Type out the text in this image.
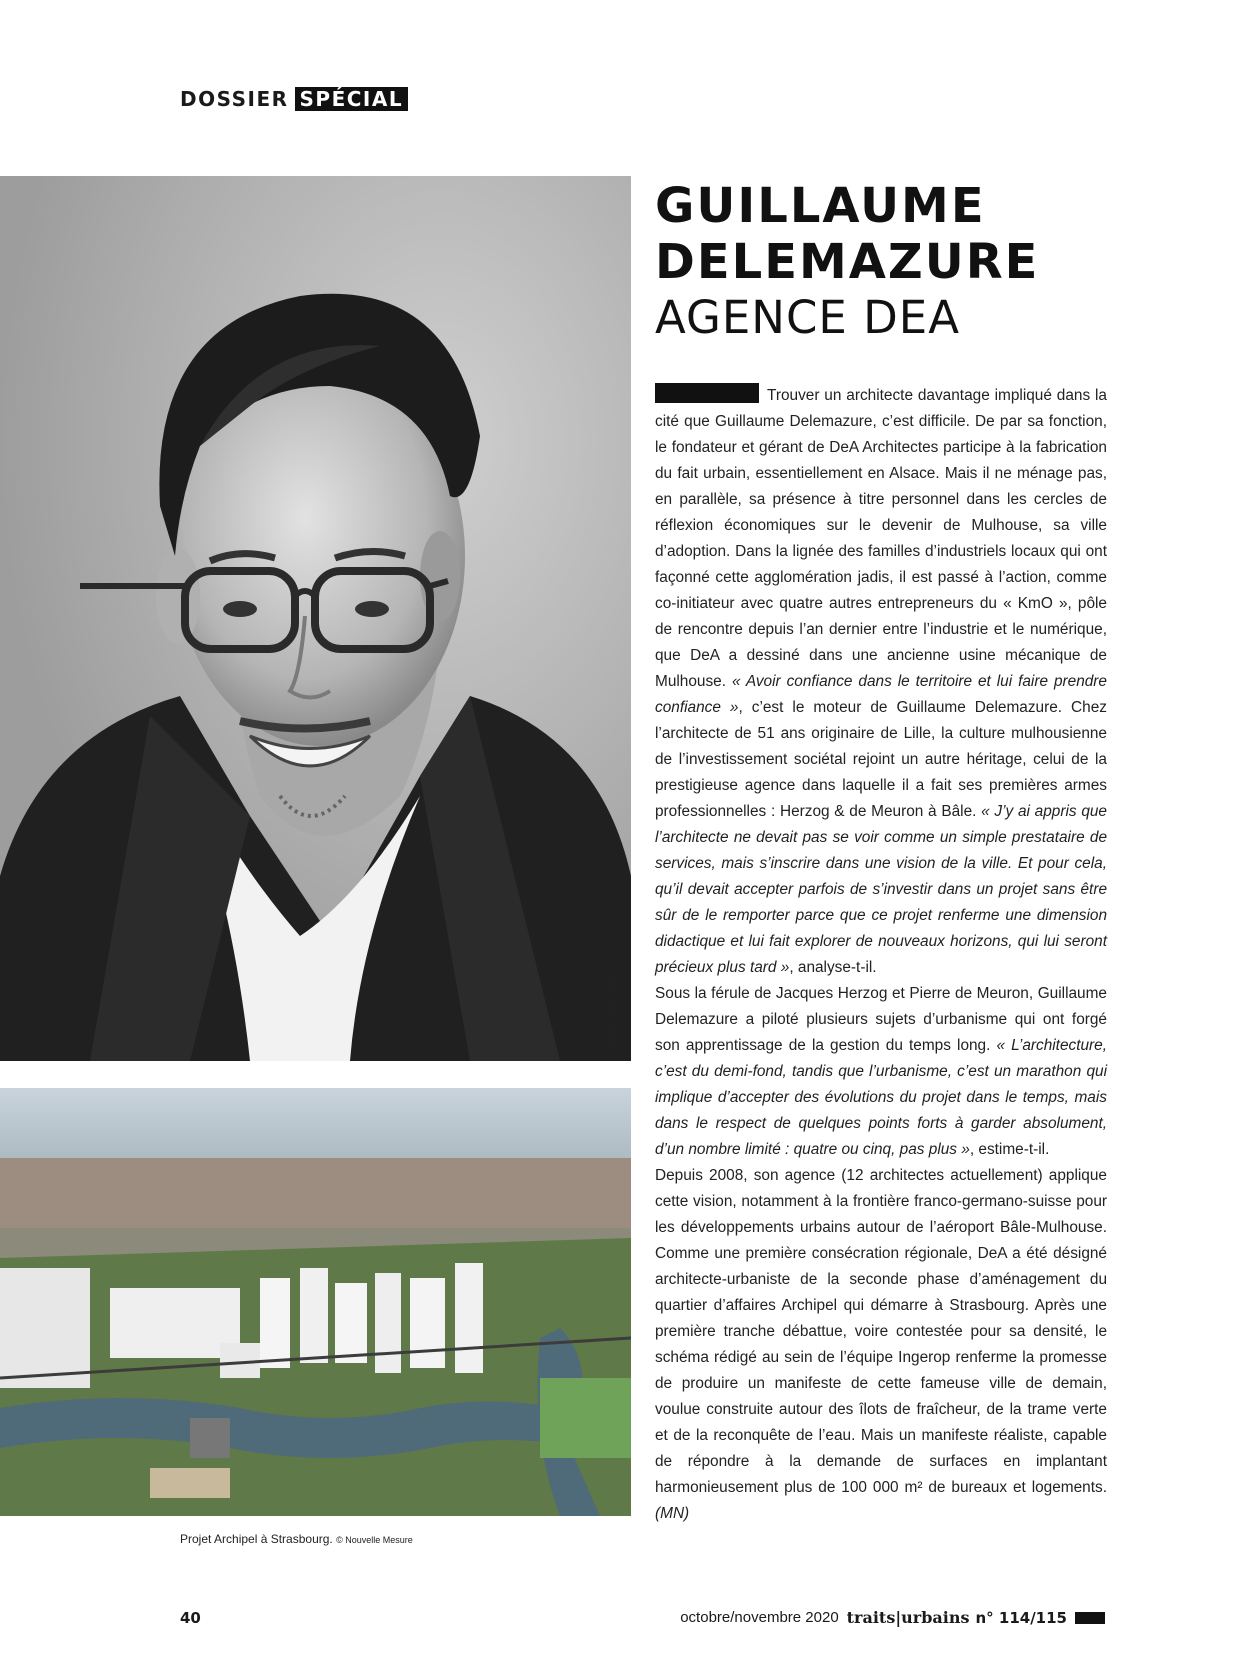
DOSSIER SPÉCIAL
© DeA Architectes
Projet Archipel à Strasbourg. © Nouvelle Mesure
GUILLAUME
DELEMAZURE
AGENCE DEA

Trouver un architecte davantage impliqué dans la cité que Guillaume Delemazure, c’est difficile. De par sa fonction, le fondateur et gérant de DeA Architectes participe à la fabrication du fait urbain, essentiellement en Alsace. Mais il ne ménage pas, en parallèle, sa présence à titre personnel dans les cercles de réflexion économiques sur le devenir de Mulhouse, sa ville d’adoption. Dans la lignée des familles d’industriels locaux qui ont façonné cette agglomération jadis, il est passé à l’action, comme co-initiateur avec quatre autres entrepreneurs du « KmO », pôle de rencontre depuis l’an dernier entre l’industrie et le numérique, que DeA a dessiné dans une ancienne usine mécanique de Mulhouse. « Avoir confiance dans le territoire et lui faire prendre confiance », c’est le moteur de Guillaume Delemazure. Chez l’architecte de 51 ans originaire de Lille, la culture mulhousienne de l’investissement sociétal rejoint un autre héritage, celui de la prestigieuse agence dans laquelle il a fait ses premières armes professionnelles : Herzog & de Meuron à Bâle. « J’y ai appris que l’architecte ne devait pas se voir comme un simple prestataire de services, mais s’inscrire dans une vision de la ville. Et pour cela, qu’il devait accepter parfois de s’investir dans un projet sans être sûr de le remporter parce que ce projet renferme une dimension didactique et lui fait explorer de nouveaux horizons, qui lui seront précieux plus tard », analyse-t-il.

Sous la férule de Jacques Herzog et Pierre de Meuron, Guillaume Delemazure a piloté plusieurs sujets d’urbanisme qui ont forgé son apprentissage de la gestion du temps long. « L’architecture, c’est du demi-fond, tandis que l’urbanisme, c’est un marathon qui implique d’accepter des évolutions du projet dans le temps, mais dans le respect de quelques points forts à garder absolument, d’un nombre limité : quatre ou cinq, pas plus », estime-t-il.

Depuis 2008, son agence (12 architectes actuellement) applique cette vision, notamment à la frontière franco-germano-suisse pour les développements urbains autour de l’aéroport Bâle-Mulhouse. Comme une première consécration régionale, DeA a été désigné architecte-urbaniste de la seconde phase d’aménagement du quartier d’affaires Archipel qui démarre à Strasbourg. Après une première tranche débattue, voire contestée pour sa densité, le schéma rédigé au sein de l’équipe Ingerop renferme la promesse de produire un manifeste de cette fameuse ville de demain, voulue construite autour des îlots de fraîcheur, de la trame verte et de la reconquête de l’eau. Mais un manifeste réaliste, capable de répondre à la demande de surfaces en implantant harmonieusement plus de 100 000 m² de bureaux et logements. (MN)

40	octobre/novembre 2020 traits|urbains n° 114/115
